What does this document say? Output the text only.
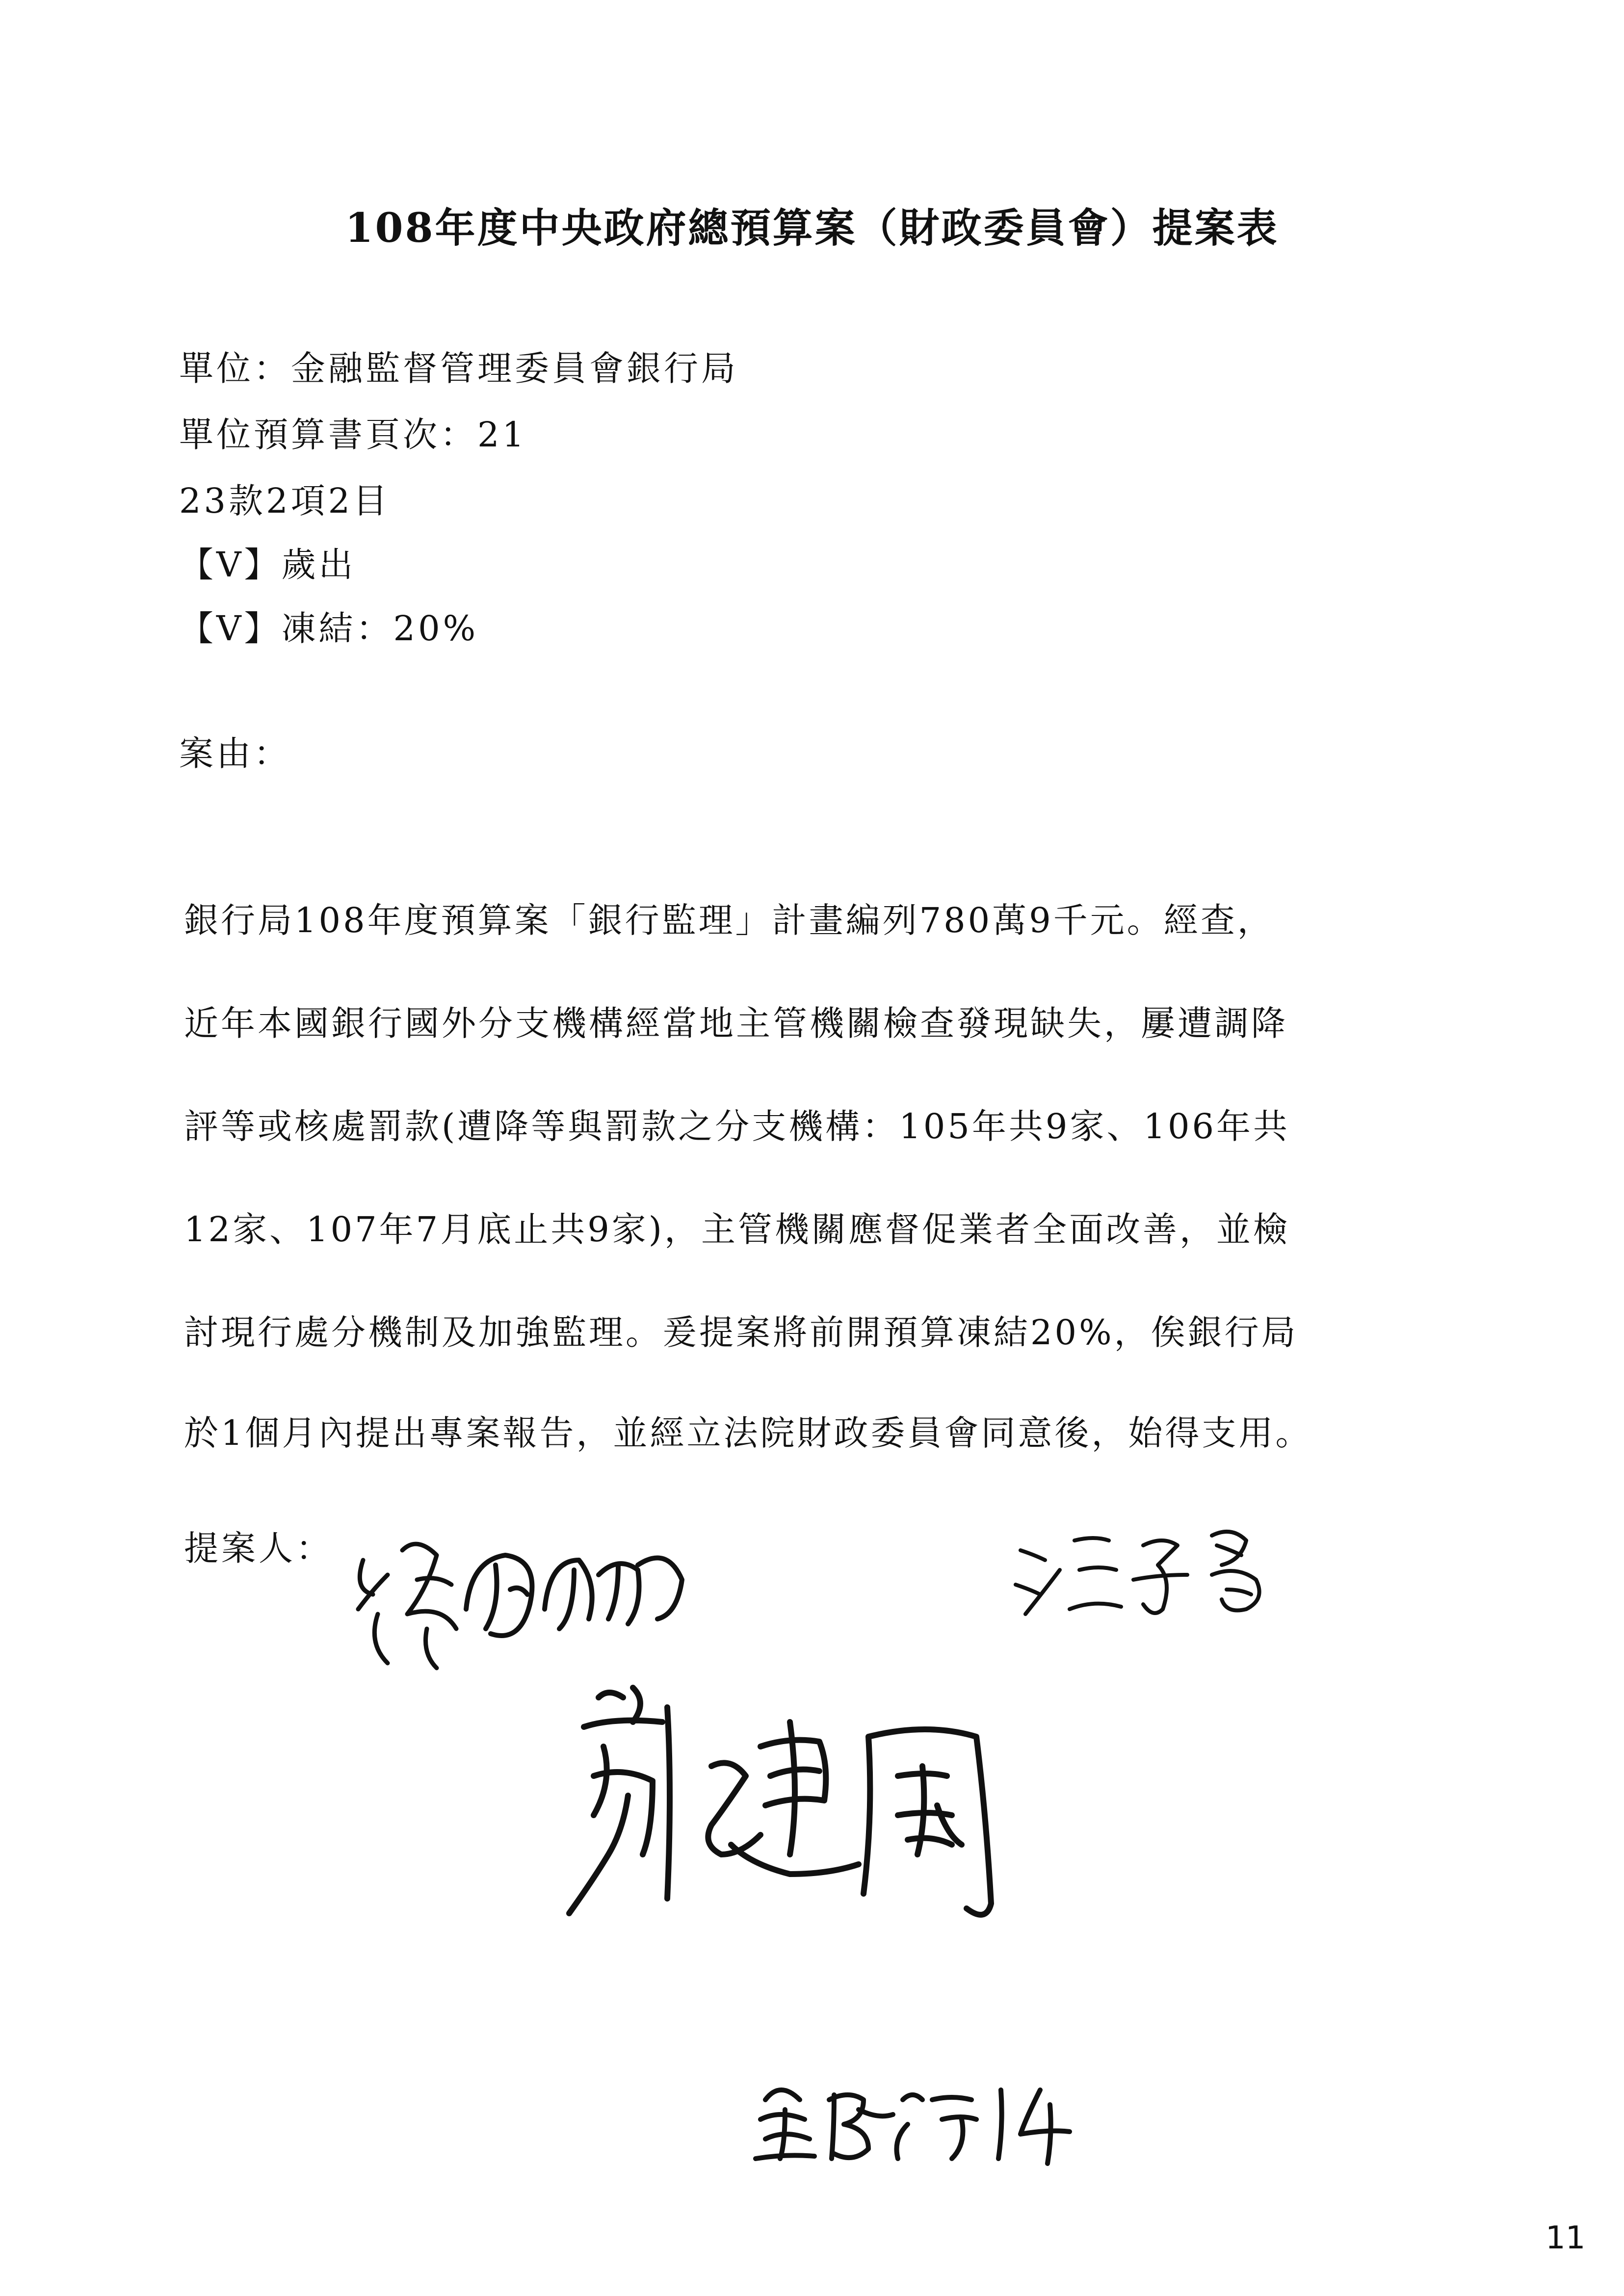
108年度中央政府總預算案（財政委員會）提案表
單位：金融監督管理委員會銀行局
單位預算書頁次：21
23款2項2目
【V】歲出
【V】凍結：20%
案由：
銀行局108年度預算案「銀行監理」計畫編列780萬9千元。經查，
近年本國銀行國外分支機構經當地主管機關檢查發現缺失，屢遭調降
評等或核處罰款(遭降等與罰款之分支機構：105年共9家、106年共
12家、107年7月底止共9家)，主管機關應督促業者全面改善，並檢
討現行處分機制及加強監理。爰提案將前開預算凍結20%，俟銀行局
於1個月內提出專案報告，並經立法院財政委員會同意後，始得支用。
提案人：
11
